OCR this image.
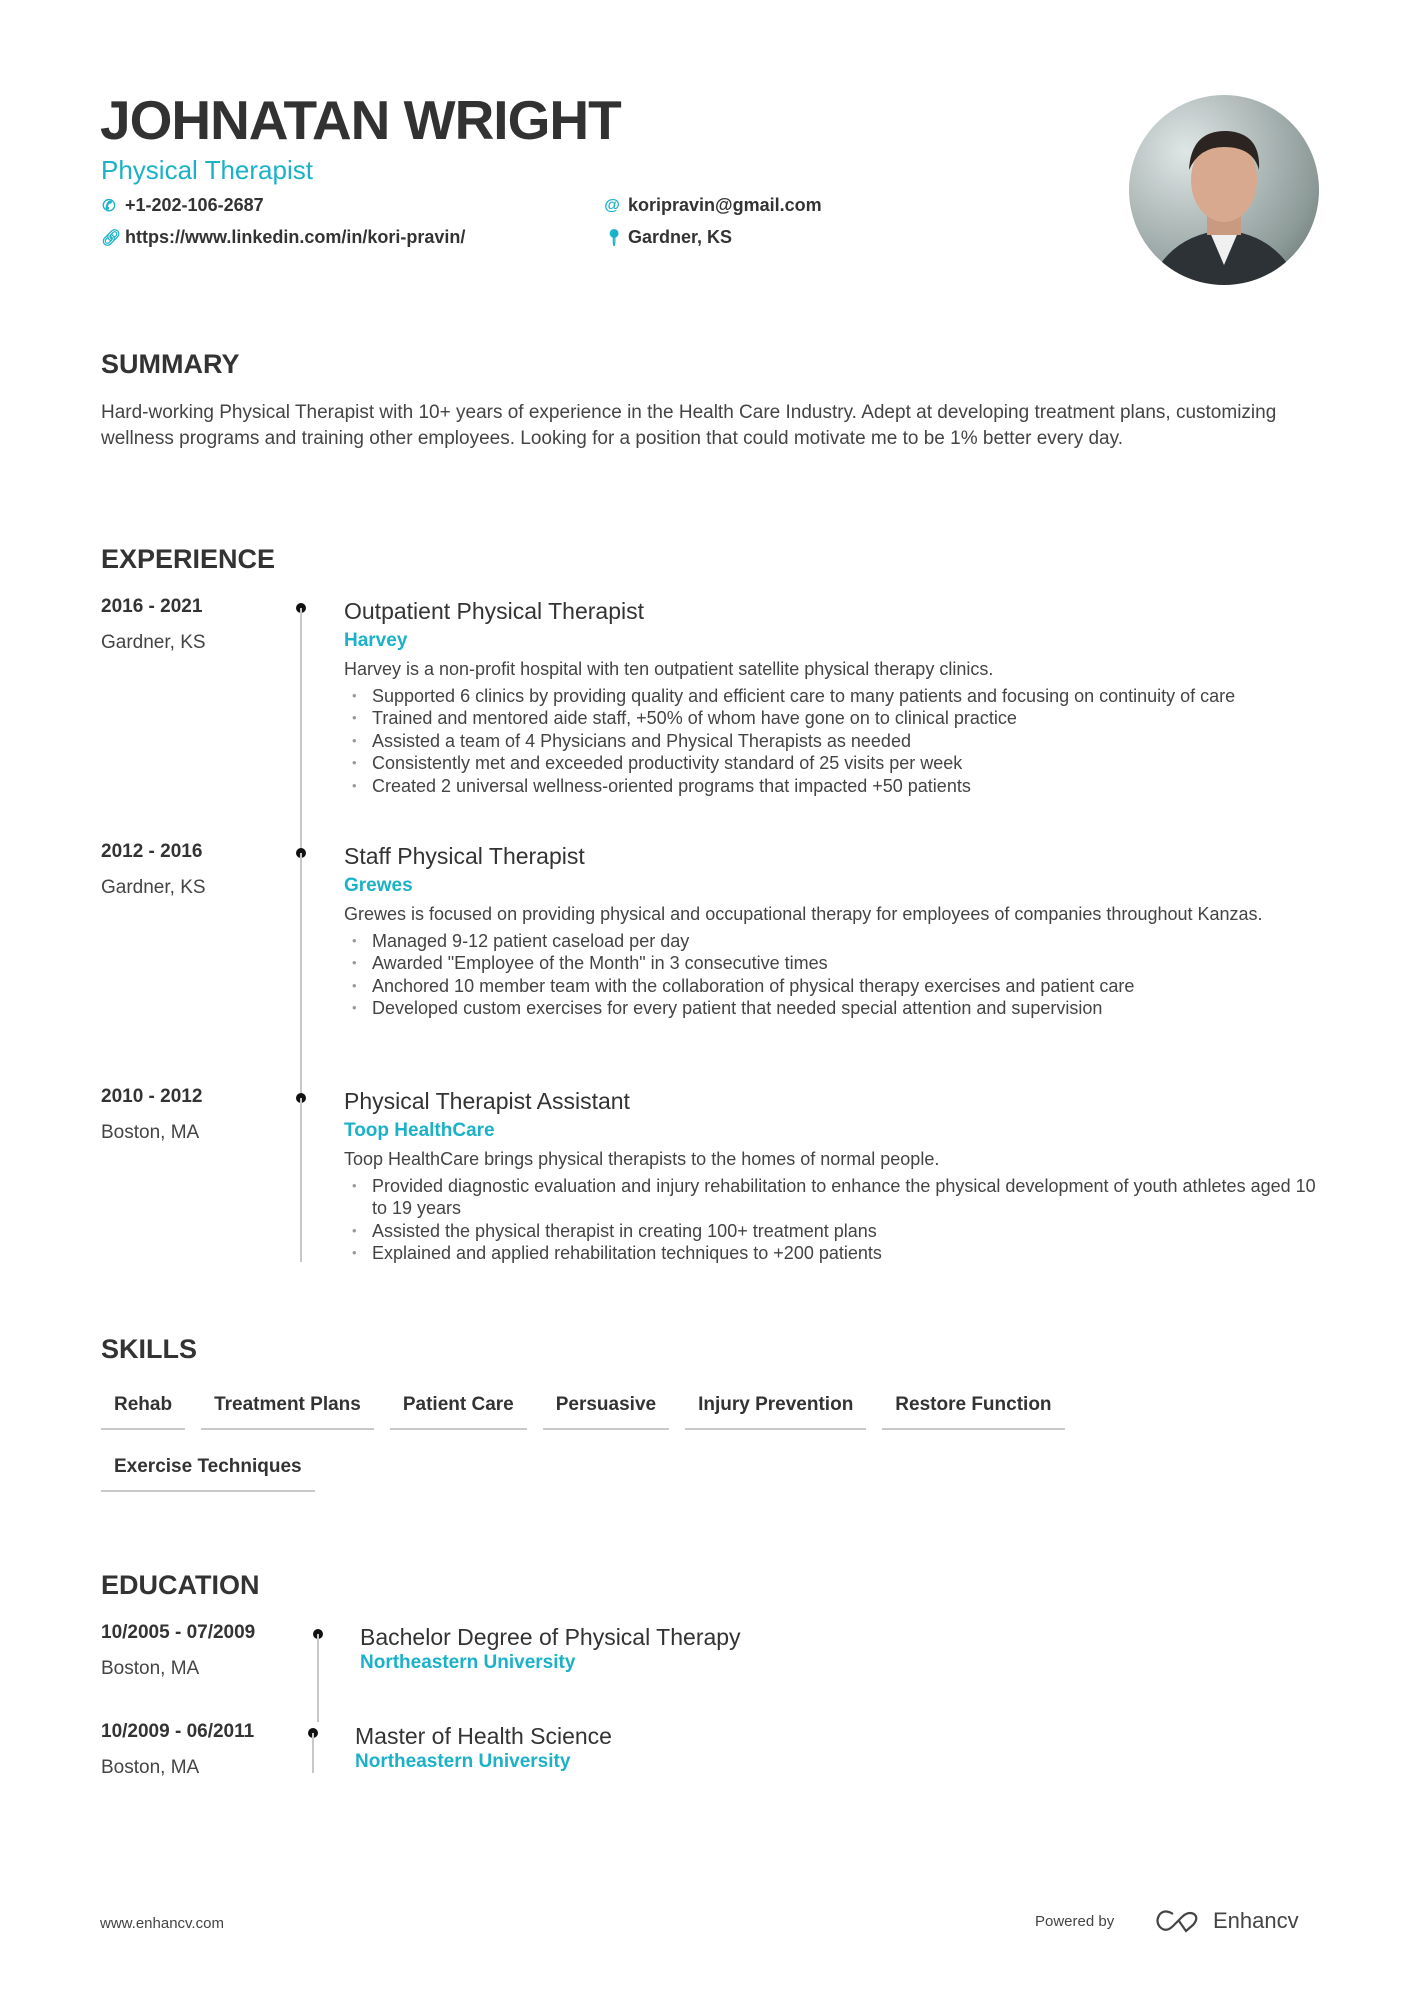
JOHNATAN WRIGHT
Physical Therapist
✆ +1-202-106-2687
🔗︎ https://www.linkedin.com/in/kori-pravin/
@ koripravin@gmail.com
📍︎ Gardner, KS
SUMMARY
Hard-working Physical Therapist with 10+ years of experience in the Health Care Industry. Adept at developing treatment plans, customizing wellness programs and training other employees. Looking for a position that could motivate me to be 1% better every day.
EXPERIENCE
2016 - 2021
Gardner, KS
Outpatient Physical Therapist
Harvey
Harvey is a non-profit hospital with ten outpatient satellite physical therapy clinics.
• Supported 6 clinics by providing quality and efficient care to many patients and focusing on continuity of care
• Trained and mentored aide staff, +50% of whom have gone on to clinical practice
• Assisted a team of 4 Physicians and Physical Therapists as needed
• Consistently met and exceeded productivity standard of 25 visits per week
• Created 2 universal wellness-oriented programs that impacted +50 patients
2012 - 2016
Gardner, KS
Staff Physical Therapist
Grewes
Grewes is focused on providing physical and occupational therapy for employees of companies throughout Kanzas.
• Managed 9-12 patient caseload per day
• Awarded "Employee of the Month" in 3 consecutive times
• Anchored 10 member team with the collaboration of physical therapy exercises and patient care
• Developed custom exercises for every patient that needed special attention and supervision
2010 - 2012
Boston, MA
Physical Therapist Assistant
Toop HealthCare
Toop HealthCare brings physical therapists to the homes of normal people.
• Provided diagnostic evaluation and injury rehabilitation to enhance the physical development of youth athletes aged 10 to 19 years
• Assisted the physical therapist in creating 100+ treatment plans
• Explained and applied rehabilitation techniques to +200 patients
SKILLS
Rehab	Treatment Plans	Patient Care	Persuasive	Injury Prevention	Restore Function
Exercise Techniques
EDUCATION
10/2005 - 07/2009
Boston, MA
Bachelor Degree of Physical Therapy
Northeastern University
10/2009 - 06/2011
Boston, MA
Master of Health Science
Northeastern University
www.enhancv.com	Powered by	Enhancv
